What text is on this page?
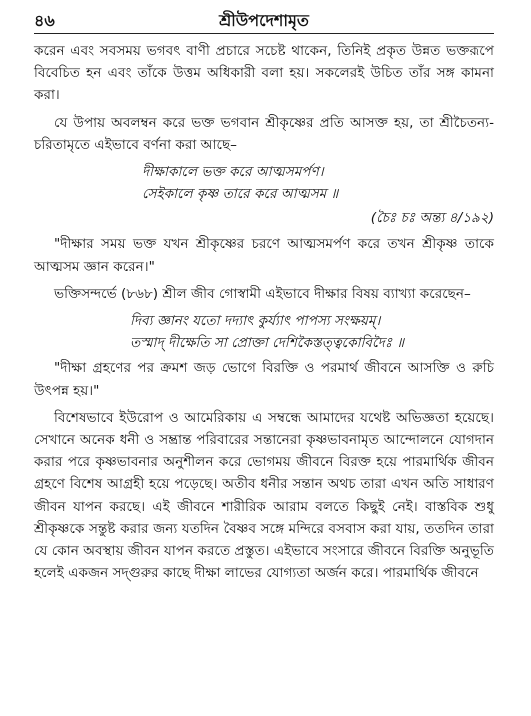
৪৬	শ্রীউপদেশামৃত

করেন এবং সবসময় ভগবৎ বাণী প্রচারে সচেষ্ট থাকেন, তিনিই প্রকৃত উন্নত ভক্তরূপে বিবেচিত হন এবং তাঁকে উত্তম অধিকারী বলা হয়। সকলেরই উচিত তাঁর সঙ্গ কামনা করা।

যে উপায় অবলম্বন করে ভক্ত ভগবান শ্রীকৃষ্ণের প্রতি আসক্ত হয়, তা শ্রীচৈতন্য-চরিতামৃতে এইভাবে বর্ণনা করা আছে–

দীক্ষাকালে ভক্ত করে আত্মসমর্পণ।
সেইকালে কৃষ্ণ তারে করে আত্মসম ॥
(চৈঃ চঃ অন্ত্য ৪/১৯২)

"দীক্ষার সময় ভক্ত যখন শ্রীকৃষ্ণের চরণে আত্মসমর্পণ করে তখন শ্রীকৃষ্ণ তাকে আত্মসম জ্ঞান করেন।"

ভক্তিসন্দর্ভে (৮৬৮) শ্রীল জীব গোস্বামী এইভাবে দীক্ষার বিষয় ব্যাখ্যা করেছেন–

দিব্য জ্ঞানং যতো দদ্যাৎ কুর্য্যাৎ পাপস্য সংক্ষয়ম্।
তস্মাদ্ দীক্ষেতি সা প্রোক্তা দেশিকৈস্তত্ত্বকোবিদৈঃ ॥

"দীক্ষা গ্রহণের পর ক্রমশ জড় ভোগে বিরক্তি ও পরমার্থ জীবনে আসক্তি ও রুচি উৎপন্ন হয়।"

বিশেষভাবে ইউরোপ ও আমেরিকায় এ সম্বন্ধে আমাদের যথেষ্ট অভিজ্ঞতা হয়েছে। সেখানে অনেক ধনী ও সম্ভ্রান্ত পরিবারের সন্তানেরা কৃষ্ণভাবনামৃত আন্দোলনে যোগদান করার পরে কৃষ্ণভাবনার অনুশীলন করে ভোগময় জীবনে বিরক্ত হয়ে পারমার্থিক জীবন গ্রহণে বিশেষ আগ্রহী হয়ে পড়েছে। অতীব ধনীর সন্তান অথচ তারা এখন অতি সাধারণ জীবন যাপন করছে। এই জীবনে শারীরিক আরাম বলতে কিছুই নেই। বাস্তবিক শুধু শ্রীকৃষ্ণকে সন্তুষ্ট করার জন্য যতদিন বৈষ্ণব সঙ্গে মন্দিরে বসবাস করা যায়, ততদিন তারা যে কোন অবস্থায় জীবন যাপন করতে প্রস্তুত। এইভাবে সংসারে জীবনে বিরক্তি অনুভূতি হলেই একজন সদ্গুরুর কাছে দীক্ষা লাভের যোগ্যতা অর্জন করে। পারমার্থিক জীবনে
